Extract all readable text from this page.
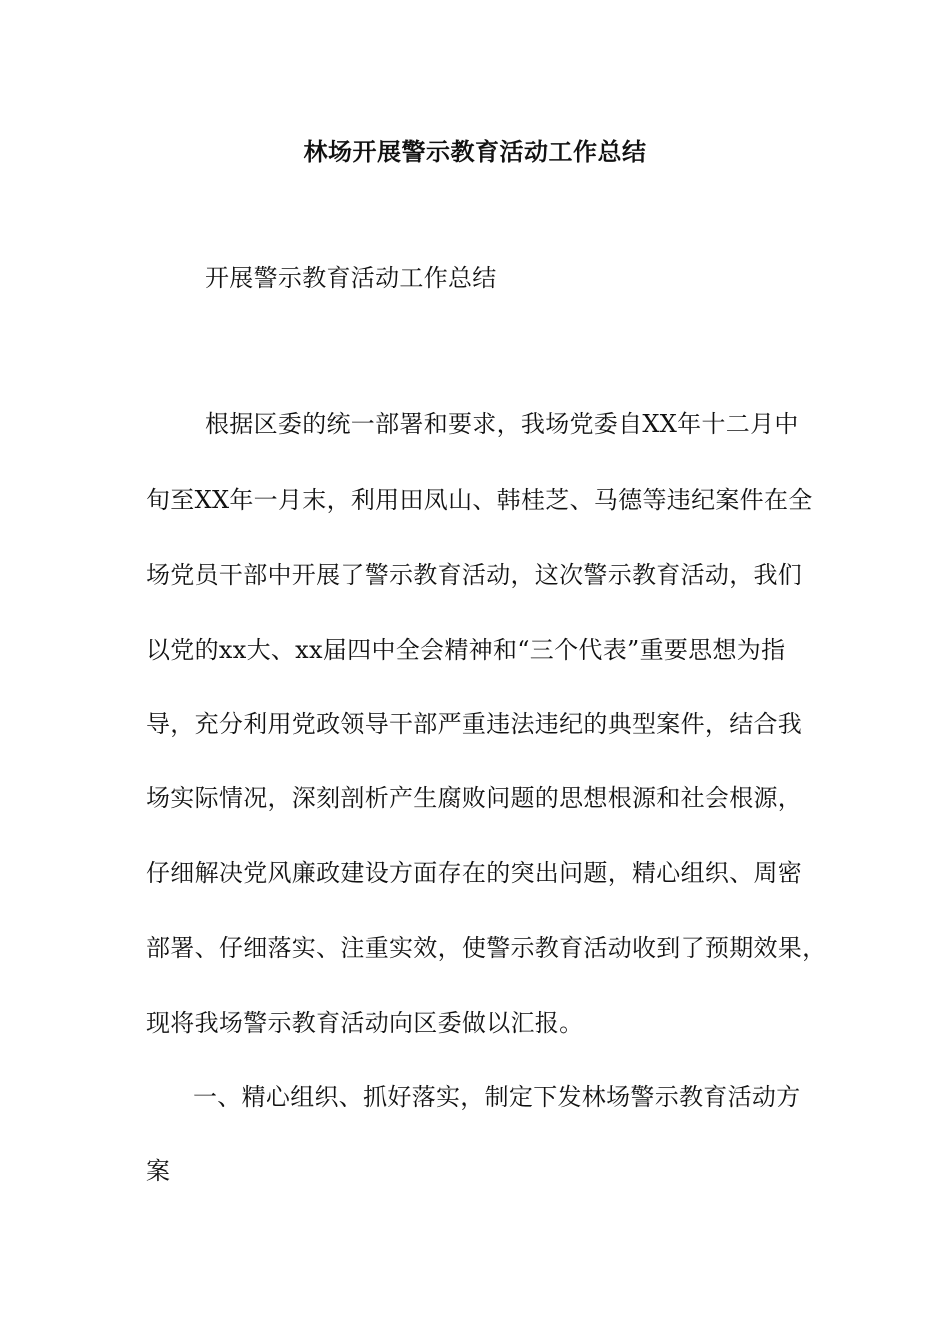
林场开展警示教育活动工作总结
开展警示教育活动工作总结
根据区委的统一部署和要求，我场党委自XX年十二月中
旬至XX年一月末，利用田凤山、韩桂芝、马德等违纪案件在全
场党员干部中开展了警示教育活动，这次警示教育活动，我们
以党的xx大、xx届四中全会精神和“三个代表”重要思想为指
导，充分利用党政领导干部严重违法违纪的典型案件，结合我
场实际情况，深刻剖析产生腐败问题的思想根源和社会根源，
仔细解决党风廉政建设方面存在的突出问题，精心组织、周密
部署、仔细落实、注重实效，使警示教育活动收到了预期效果，
现将我场警示教育活动向区委做以汇报。
一、精心组织、抓好落实，制定下发林场警示教育活动方
案
